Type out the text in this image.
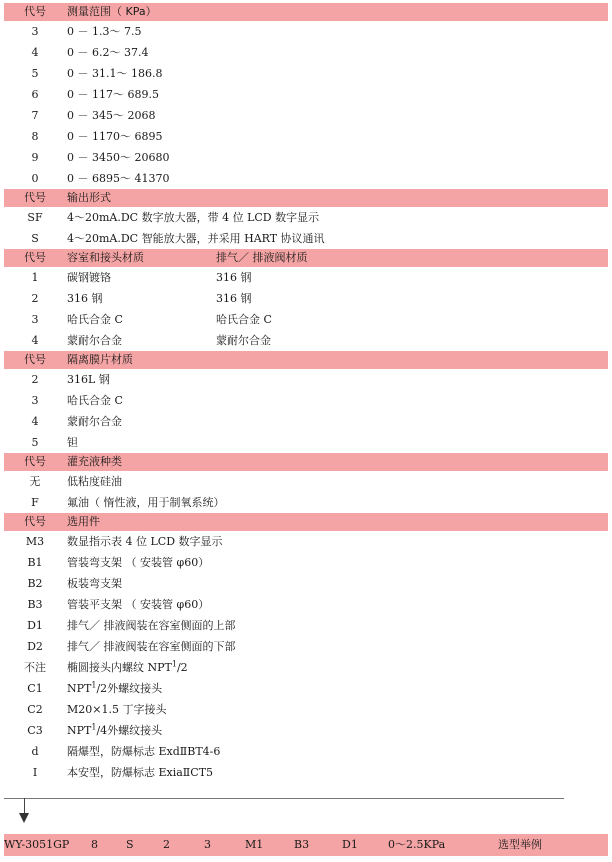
代号	测量范围（ KPa）
3	0 － 1.3～ 7.5
4	0 － 6.2～ 37.4
5	0 － 31.1～ 186.8
6	0 － 117～ 689.5
7	0 － 345～ 2068
8	0 － 1170～ 6895
9	0 － 3450～ 20680
0	0 － 6895～ 41370
代号	输出形式
SF	4～20mA.DC 数字放大器，带 4 位 LCD 数字显示
S	4～20mA.DC 智能放大器，并采用 HART 协议通讯
代号	容室和接头材质	排气／ 排液阀材质
1	碳钢镀铬	316 钢
2	316 钢	316 钢
3	哈氏合金 C	哈氏合金 C
4	蒙耐尔合金	蒙耐尔合金
代号	隔离膜片材质
2	316L 钢
3	哈氏合金 C
4	蒙耐尔合金
5	钽
代号	灌充液种类
无	低粘度硅油
F	氟油（ 惰性液，用于制氧系统）
代号	选用件
M3	数显指示表 4 位 LCD 数字显示
B1	管装弯支架 （ 安装管 φ60）
B2	板装弯支架
B3	管装平支架 （ 安装管 φ60）
D1	排气／ 排液阀装在容室侧面的上部
D2	排气／ 排液阀装在容室侧面的下部
不注	椭圆接头内螺纹 NPT$^1$/2
C1	NPT$^1$/2外螺纹接头
C2	M20×1.5 丁字接头
C3	NPT$^1$/4外螺纹接头
d	隔爆型，防爆标志 ExdⅡBT4-6
I	本安型，防爆标志 ExiaⅡCT5
WY-3051GP 8	S	2	3	M1	B3	D1	0～2.5KPa	选型举例
